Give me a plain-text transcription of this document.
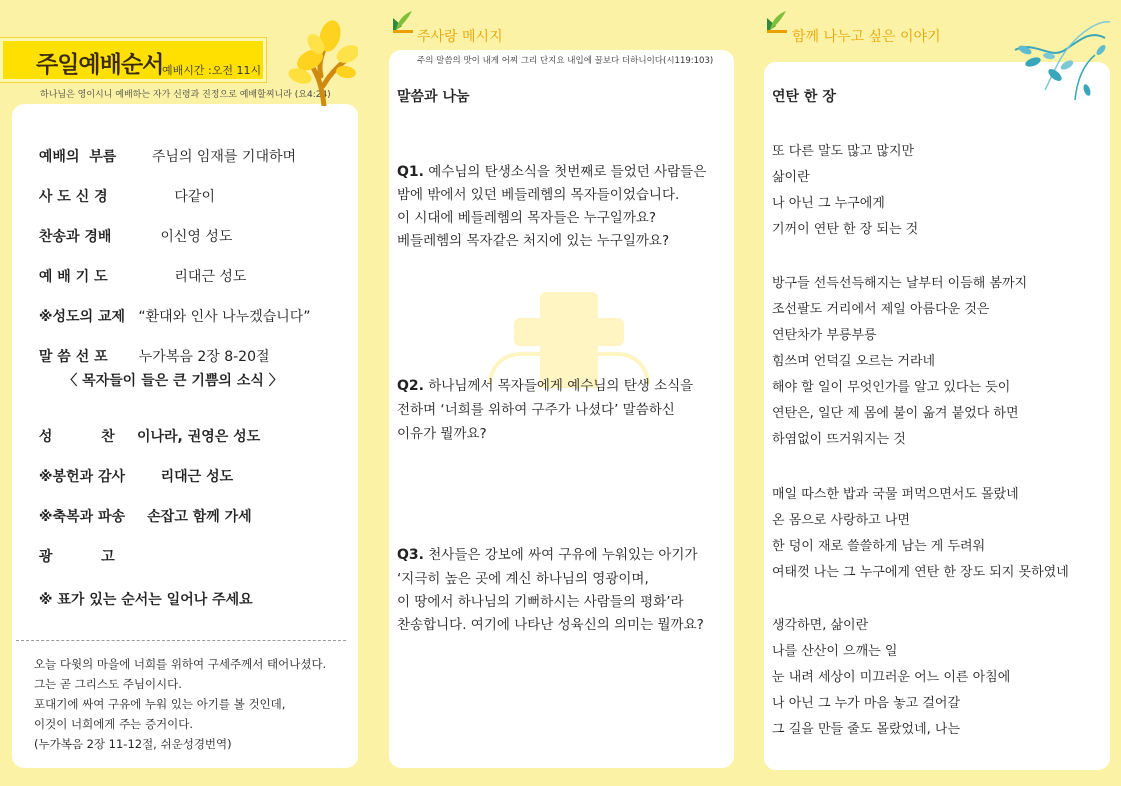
주일예배순서
예배시간 :오전 11시
하나님은 영이시니 예배하는 자가 신령과 진정으로 예배할찌니라 (요4:24)

예배의  부름	주님의 임재를 기대하며

사 도 신 경	다같이

찬송과 경배	이신영 성도

예 배 기 도	리대근 성도

※성도의 교제 “환대와 인사 나누겠습니다”

말 씀 선 포 누가복음 2장 8-20절

〈 목자들이 들은 큰 기쁨의 소식 〉

성          찬 이나라, 권영은 성도

※봉헌과 감사	리대근 성도

※축복과 파송 손잡고 함께 가세

광          고

※ 표가 있는 순서는 일어나 주세요

오늘 다윗의 마을에 너희를 위하여 구세주께서 태어나셨다.
그는 곧 그리스도 주님이시다.
포대기에 싸여 구유에 누워 있는 아기를 볼 것인데,
이것이 너희에게 주는 증거이다.
(누가복음 2장 11-12절, 쉬운성경번역)
주사랑 메시지
주의 말씀의 맛이 내게 어찌 그리 단지요 내입에 꿀보다 더하니이다(시119:103)
말씀과 나눔
Q1. 예수님의 탄생소식을 첫번째로 들었던 사람들은
밤에 밖에서 있던 베들레헴의 목자들이었습니다.
이 시대에 베들레헴의 목자들은 누구일까요?
베들레헴의 목자같은 처지에 있는 누구일까요?
Q2. 하나님께서 목자들에게 예수님의 탄생 소식을
전하며 ‘너희를 위하여 구주가 나셨다’ 말씀하신
이유가 뭘까요?
Q3. 천사들은 강보에 싸여 구유에 누워있는 아기가
‘지극히 높은 곳에 계신 하나님의 영광이며,
이 땅에서 하나님의 기뻐하시는 사람들의 평화’라
찬송합니다. 여기에 나타난 성육신의 의미는 뭘까요?
함께 나누고 싶은 이야기
연탄 한 장
또 다른 말도 많고 많지만
삶이란
나 아닌 그 누구에게
기꺼이 연탄 한 장 되는 것
방구들 선득선득해지는 날부터 이듬해 봄까지
조선팔도 거리에서 제일 아름다운 것은
연탄차가 부릉부릉
힘쓰며 언덕길 오르는 거라네
해야 할 일이 무엇인가를 알고 있다는 듯이
연탄은, 일단 제 몸에 불이 옮겨 붙었다 하면
하염없이 뜨거워지는 것
매일 따스한 밥과 국물 퍼먹으면서도 몰랐네
온 몸으로 사랑하고 나면
한 덩이 재로 쓸쓸하게 남는 게 두려워
여태껏 나는 그 누구에게 연탄 한 장도 되지 못하였네
생각하면, 삶이란
나를 산산이 으깨는 일
눈 내려 세상이 미끄러운 어느 이른 아침에
나 아닌 그 누가 마음 놓고 걸어갈
그 길을 만들 줄도 몰랐었네, 나는
